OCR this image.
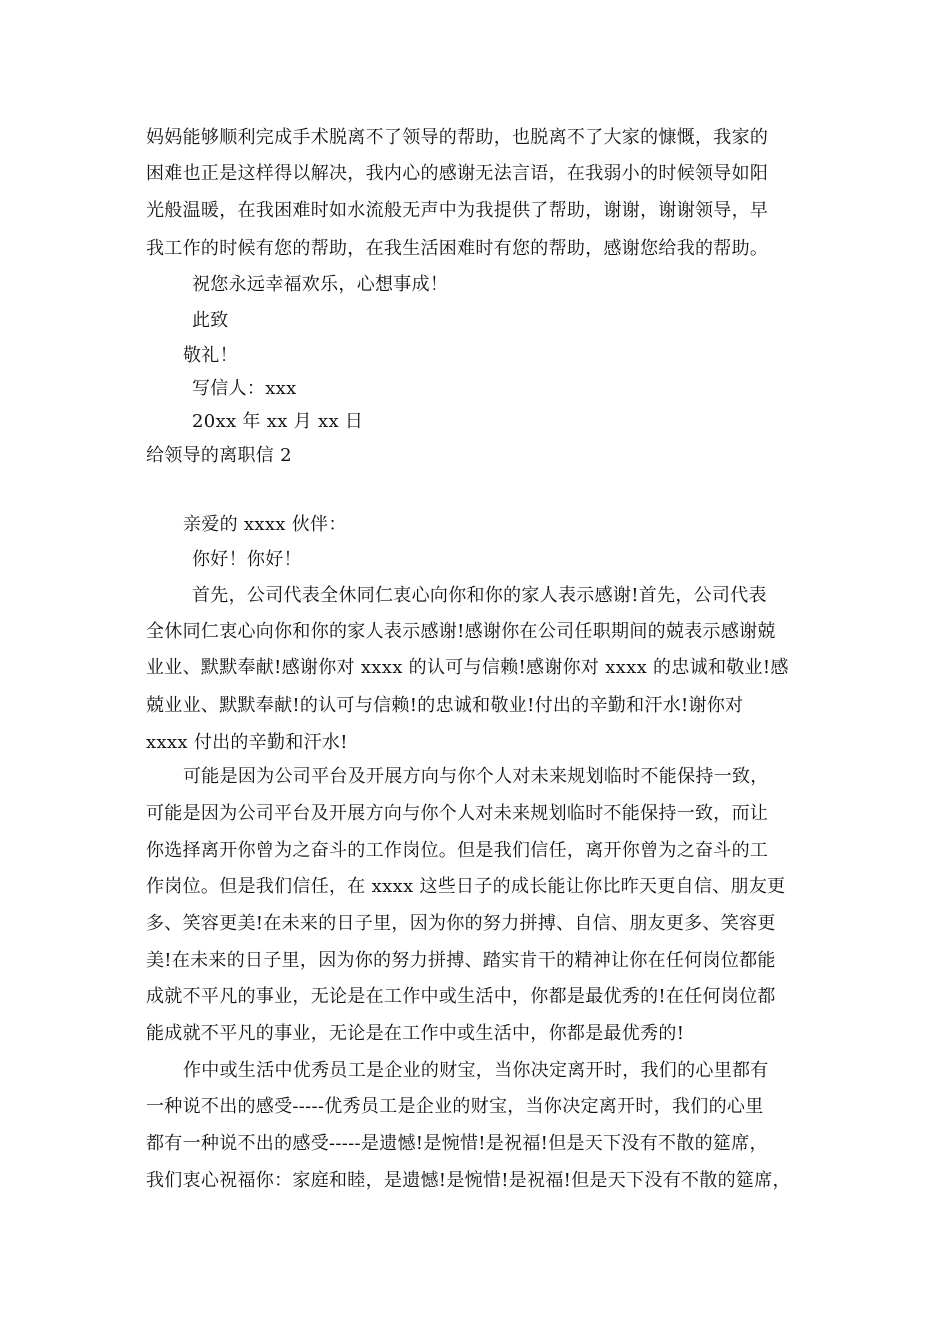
妈妈能够顺利完成手术脱离不了领导的帮助，也脱离不了大家的慷慨，我家的
困难也正是这样得以解决，我内心的感谢无法言语，在我弱小的时候领导如阳
光般温暖，在我困难时如水流般无声中为我提供了帮助，谢谢，谢谢领导，早
我工作的时候有您的帮助，在我生活困难时有您的帮助，感谢您给我的帮助。
祝您永远幸福欢乐，心想事成！
此致
敬礼！
写信人：xxx
20xx 年 xx 月 xx 日
给领导的离职信 2
亲爱的 xxxx 伙伴：
你好！你好！
首先，公司代表全休同仁衷心向你和你的家人表示感谢!首先，公司代表
全休同仁衷心向你和你的家人表示感谢!感谢你在公司任职期间的兢表示感谢兢
业业、默默奉献!感谢你对 xxxx 的认可与信赖!感谢你对 xxxx 的忠诚和敬业!感
兢业业、默默奉献!的认可与信赖!的忠诚和敬业!付出的辛勤和汗水!谢你对
xxxx 付出的辛勤和汗水!
可能是因为公司平台及开展方向与你个人对未来规划临时不能保持一致，
可能是因为公司平台及开展方向与你个人对未来规划临时不能保持一致，而让
你选择离开你曾为之奋斗的工作岗位。但是我们信任，离开你曾为之奋斗的工
作岗位。但是我们信任，在 xxxx 这些日子的成长能让你比昨天更自信、朋友更
多、笑容更美!在未来的日子里，因为你的努力拼搏、自信、朋友更多、笑容更
美!在未来的日子里，因为你的努力拼搏、踏实肯干的精神让你在任何岗位都能
成就不平凡的事业，无论是在工作中或生活中，你都是最优秀的!在任何岗位都
能成就不平凡的事业，无论是在工作中或生活中，你都是最优秀的!
作中或生活中优秀员工是企业的财宝，当你决定离开时，我们的心里都有
一种说不出的感受-----优秀员工是企业的财宝，当你决定离开时，我们的心里
都有一种说不出的感受-----是遗憾!是惋惜!是祝福!但是天下没有不散的筵席，
我们衷心祝福你：家庭和睦，是遗憾!是惋惜!是祝福!但是天下没有不散的筵席，
